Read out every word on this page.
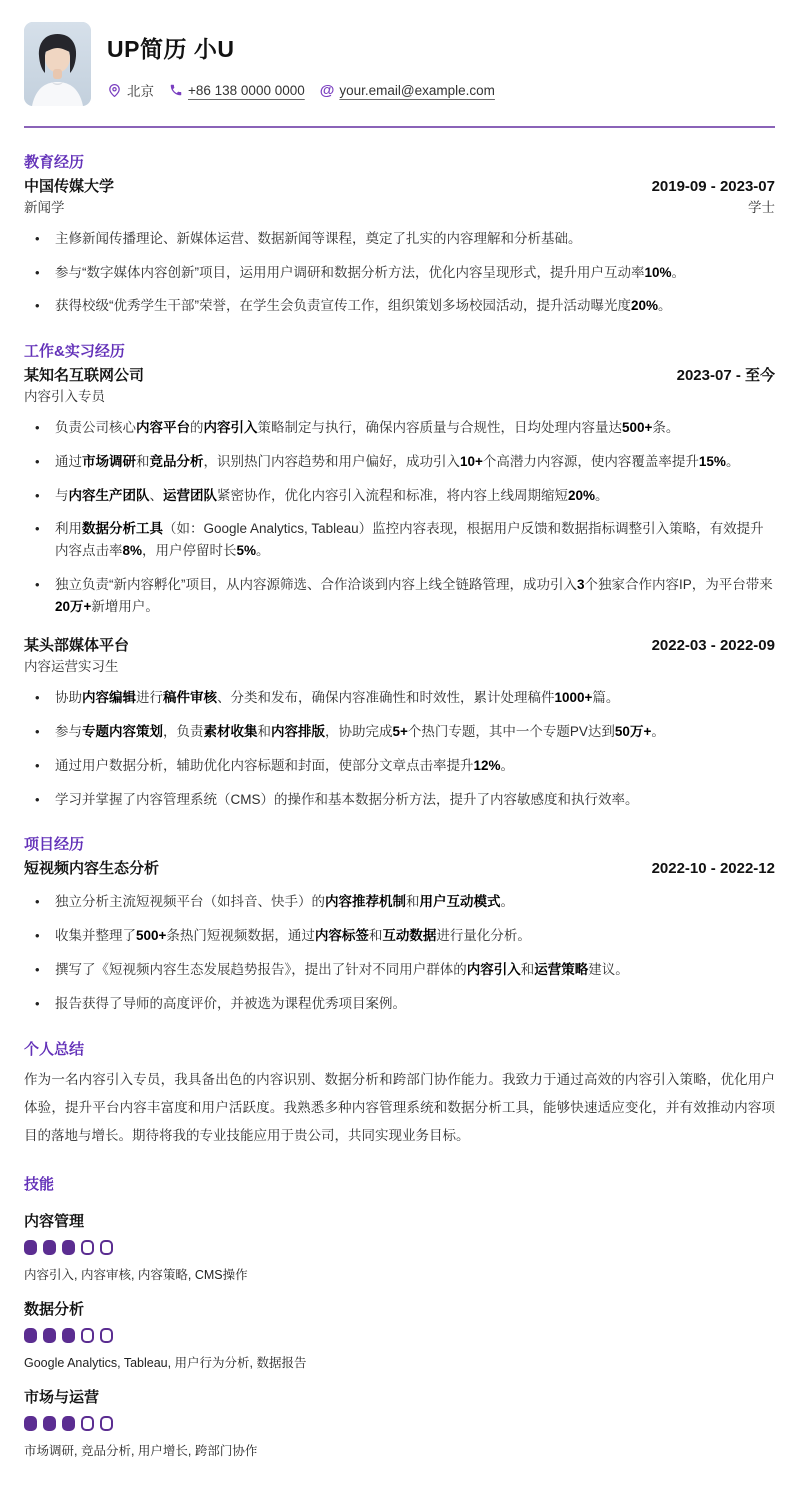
UP简历 小U
北京	+86 138 0000 0000 @ your.email@example.com
教育经历
中国传媒大学	2019-09 - 2023-07
新闻学	学士
• 主修新闻传播理论、新媒体运营、数据新闻等课程，奠定了扎实的内容理解和分析基础。
• 参与“数字媒体内容创新”项目，运用用户调研和数据分析方法，优化内容呈现形式，提升用户互动率10%。
• 获得校级“优秀学生干部”荣誉，在学生会负责宣传工作，组织策划多场校园活动，提升活动曝光度20%。
工作&实习经历
某知名互联网公司	2023-07 - 至今
内容引入专员
• 负责公司核心内容平台的内容引入策略制定与执行，确保内容质量与合规性，日均处理内容量达500+条。
• 通过市场调研和竞品分析，识别热门内容趋势和用户偏好，成功引入10+个高潜力内容源，使内容覆盖率提升15%。
• 与内容生产团队、运营团队紧密协作，优化内容引入流程和标准，将内容上线周期缩短20%。
• 利用数据分析工具（如：Google Analytics, Tableau）监控内容表现，根据用户反馈和数据指标调整引入策略，有效提升内容点击率8%，用户停留时长5%。
• 独立负责“新内容孵化”项目，从内容源筛选、合作洽谈到内容上线全链路管理，成功引入3个独家合作内容IP，为平台带来20万+新增用户。
某头部媒体平台	2022-03 - 2022-09
内容运营实习生
• 协助内容编辑进行稿件审核、分类和发布，确保内容准确性和时效性，累计处理稿件1000+篇。
• 参与专题内容策划，负责素材收集和内容排版，协助完成5+个热门专题，其中一个专题PV达到50万+。
• 通过用户数据分析，辅助优化内容标题和封面，使部分文章点击率提升12%。
• 学习并掌握了内容管理系统（CMS）的操作和基本数据分析方法，提升了内容敏感度和执行效率。
项目经历
短视频内容生态分析	2022-10 - 2022-12
• 独立分析主流短视频平台（如抖音、快手）的内容推荐机制和用户互动模式。
• 收集并整理了500+条热门短视频数据，通过内容标签和互动数据进行量化分析。
• 撰写了《短视频内容生态发展趋势报告》，提出了针对不同用户群体的内容引入和运营策略建议。
• 报告获得了导师的高度评价，并被选为课程优秀项目案例。
个人总结

作为一名内容引入专员，我具备出色的内容识别、数据分析和跨部门协作能力。我致力于通过高效的内容引入策略，优化用户体验，提升平台内容丰富度和用户活跃度。我熟悉多种内容管理系统和数据分析工具，能够快速适应变化，并有效推动内容项目的落地与增长。期待将我的专业技能应用于贵公司，共同实现业务目标。

技能
内容管理
内容引入, 内容审核, 内容策略, CMS操作
数据分析
Google Analytics, Tableau, 用户行为分析, 数据报告
市场与运营
市场调研, 竞品分析, 用户增长, 跨部门协作
